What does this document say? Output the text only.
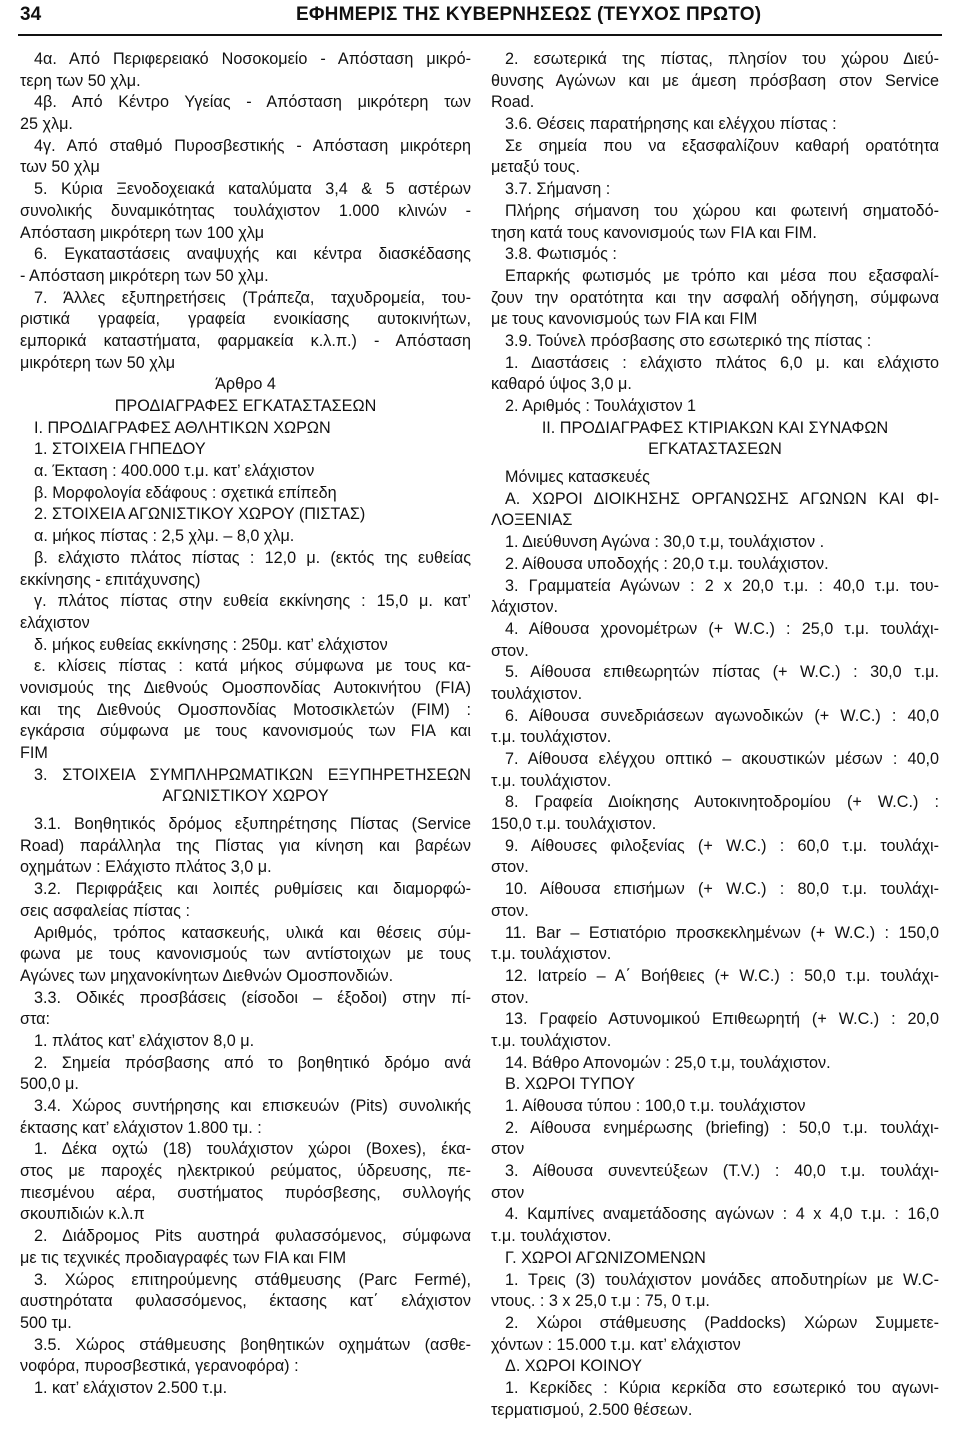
34	ΕΦΗΜΕΡΙΣ ΤΗΣ ΚΥΒΕΡΝΗΣΕΩΣ (ΤΕΥΧΟΣ ΠΡΩΤΟ)
4α. Από Περιφερειακό Νοσοκομείο - Απόσταση μικρό-
τερη των 50 χλμ.
4β. Από Κέντρο Υγείας - Απόσταση μικρότερη των
25 χλμ.
4γ. Από σταθμό Πυροσβεστικής - Απόσταση μικρότερη
των 50 χλμ
5. Κύρια Ξενοδοχειακά καταλύματα 3,4 & 5 αστέρων
συνολικής δυναμικότητας τουλάχιστον 1.000 κλινών -
Απόσταση μικρότερη των 100 χλμ
6. Εγκαταστάσεις αναψυχής και κέντρα διασκέδασης
- Απόσταση μικρότερη των 50 χλμ.
7. Άλλες εξυπηρετήσεις (Τράπεζα, ταχυδρομεία, του-
ριστικά γραφεία, γραφεία ενοικίασης αυτοκινήτων,
εμπορικά καταστήματα, φαρμακεία κ.λ.π.) - Απόσταση
μικρότερη των 50 χλμ
Άρθρο 4
ΠΡΟΔΙΑΓΡΑΦΕΣ ΕΓΚΑΤΑΣΤΑΣΕΩΝ
Ι. ΠΡΟΔΙΑΓΡΑΦΕΣ ΑΘΛΗΤΙΚΩΝ ΧΩΡΩΝ
1. ΣΤΟΙΧΕΙΑ ΓΗΠΕΔΟΥ
α. Έκταση : 400.000 τ.μ. κατ’ ελάχιστον
β. Μορφολογία εδάφους : σχετικά επίπεδη
2. ΣΤΟΙΧΕΙΑ ΑΓΩΝΙΣΤΙΚΟΥ ΧΩΡΟΥ (ΠΙΣΤΑΣ)
α. μήκος πίστας : 2,5 χλμ. – 8,0 χλμ.
β. ελάχιστο πλάτος πίστας : 12,0 μ. (εκτός της ευθείας
εκκίνησης - επιτάχυνσης)
γ. πλάτος πίστας στην ευθεία εκκίνησης : 15,0 μ. κατ’
ελάχιστον
δ. μήκος ευθείας εκκίνησης : 250μ. κατ’ ελάχιστον
ε. κλίσεις πίστας : κατά μήκος σύμφωνα με τους κα-
νονισμούς της Διεθνούς Ομοσπονδίας Αυτοκινήτου (FIA)
και της Διεθνούς Ομοσπονδίας Μοτοσικλετών (FIM) :
εγκάρσια σύμφωνα με τους κανονισμούς των FIA και
FIM
3. ΣΤΟΙΧΕΙΑ ΣΥΜΠΛΗΡΩΜΑΤΙΚΩΝ ΕΞΥΠΗΡΕΤΗΣΕΩΝ
ΑΓΩΝΙΣΤΙΚΟΥ ΧΩΡΟΥ
3.1. Βοηθητικός δρόμος εξυπηρέτησης Πίστας (Service
Road) παράλληλα της Πίστας για κίνηση και βαρέων
οχημάτων : Ελάχιστο πλάτος 3,0 μ.
3.2. Περιφράξεις και λοιπές ρυθμίσεις και διαμορφώ-
σεις ασφαλείας πίστας :
Αριθμός, τρόπος κατασκευής, υλικά και θέσεις σύμ-
φωνα με τους κανονισμούς των αντίστοιχων με τους
Αγώνες των μηχανοκίνητων Διεθνών Ομοσπονδιών.
3.3. Οδικές προσβάσεις (είσοδοι – έξοδοι) στην πί-
στα:
1. πλάτος κατ’ ελάχιστον 8,0 μ.
2. Σημεία πρόσβασης από το βοηθητικό δρόμο ανά
500,0 μ.
3.4. Χώρος συντήρησης και επισκευών (Pits) συνολικής
έκτασης κατ’ ελάχιστον 1.800 τμ. :
1. Δέκα οχτώ (18) τουλάχιστον χώροι (Boxes), έκα-
στος με παροχές ηλεκτρικού ρεύματος, ύδρευσης, πε-
πιεσμένου αέρα, συστήματος πυρόσβεσης, συλλογής
σκουπιδιών κ.λ.π
2. Διάδρομος Pits αυστηρά φυλασσόμενος, σύμφωνα
με τις τεχνικές προδιαγραφές των FIA και FIM
3. Χώρος επιτηρούμενης στάθμευσης (Parc Fermé),
αυστηρότατα φυλασσόμενος, έκτασης κατ΄ ελάχιστον
500 τμ.
3.5. Χώρος στάθμευσης βοηθητικών οχημάτων (ασθε-
νοφόρα, πυροσβεστικά, γερανοφόρα) :
1. κατ’ ελάχιστον 2.500 τ.μ.
2. εσωτερικά της πίστας, πλησίον του χώρου Διεύ-
θυνσης Αγώνων και με άμεση πρόσβαση στον Service
Road.
3.6. Θέσεις παρατήρησης και ελέγχου πίστας :
Σε σημεία που να εξασφαλίζουν καθαρή ορατότητα
μεταξύ τους.
3.7. Σήμανση :
Πλήρης σήμανση του χώρου και φωτεινή σηματοδό-
τηση κατά τους κανονισμούς των FIA και FIM.
3.8. Φωτισμός :
Επαρκής φωτισμός με τρόπο και μέσα που εξασφαλί-
ζουν την ορατότητα και την ασφαλή οδήγηση, σύμφωνα
με τους κανονισμούς των FIA και FIM
3.9. Τούνελ πρόσβασης στο εσωτερικό της πίστας :
1. Διαστάσεις : ελάχιστο πλάτος 6,0 μ. και ελάχιστο
καθαρό ύψος 3,0 μ.
2. Αριθμός : Τουλάχιστον 1
ΙΙ. ΠΡΟΔΙΑΓΡΑΦΕΣ ΚΤΙΡΙΑΚΩΝ ΚΑΙ ΣΥΝΑΦΩΝ
ΕΓΚΑΤΑΣΤΑΣΕΩΝ
Μόνιμες κατασκευές
Α. ΧΩΡΟΙ ΔΙΟΙΚΗΣΗΣ ΟΡΓΑΝΩΣΗΣ ΑΓΩΝΩΝ ΚΑΙ ΦΙ-
ΛΟΞΕΝΙΑΣ
1. Διεύθυνση Αγώνα : 30,0 τ.μ, τουλάχιστον .
2. Αίθουσα υποδοχής : 20,0 τ.μ. τουλάχιστον.
3. Γραμματεία Αγώνων : 2 x 20,0 τ.μ. : 40,0 τ.μ. του-
λάχιστον.
4. Αίθουσα χρονομέτρων (+ W.C.) : 25,0 τ.μ. τουλάχι-
στον.
5. Αίθουσα επιθεωρητών πίστας (+ W.C.) : 30,0 τ.μ.
τουλάχιστον.
6. Αίθουσα συνεδριάσεων αγωνοδικών (+ W.C.) : 40,0
τ.μ. τουλάχιστον.
7. Αίθουσα ελέγχου οπτικό – ακουστικών μέσων : 40,0
τ.μ. τουλάχιστον.
8. Γραφεία Διοίκησης Αυτοκινητοδρομίου (+ W.C.) :
150,0 τ.μ. τουλάχιστον.
9. Αίθουσες φιλοξενίας (+ W.C.) : 60,0 τ.μ. τουλάχι-
στον.
10. Αίθουσα επισήμων (+ W.C.) : 80,0 τ.μ. τουλάχι-
στον.
11. Bar – Εστιατόριο προσκεκλημένων (+ W.C.) : 150,0
τ.μ. τουλάχιστον.
12. Ιατρείο – Α΄ Βοήθειες (+ W.C.) : 50,0 τ.μ. τουλάχι-
στον.
13. Γραφείο Αστυνομικού Επιθεωρητή (+ W.C.) : 20,0
τ.μ. τουλάχιστον.
14. Βάθρο Απονομών : 25,0 τ.μ, τουλάχιστον.
Β. ΧΩΡΟΙ ΤΥΠΟΥ
1. Αίθουσα τύπου : 100,0 τ.μ. τουλάχιστον
2. Αίθουσα ενημέρωσης (briefing) : 50,0 τ.μ. τουλάχι-
στον
3. Αίθουσα συνεντεύξεων (T.V.) : 40,0 τ.μ. τουλάχι-
στον
4. Καμπίνες αναμετάδοσης αγώνων : 4 x 4,0 τ.μ. : 16,0
τ.μ. τουλάχιστον.
Γ. ΧΩΡΟΙ ΑΓΩΝΙΖΟΜΕΝΩΝ
1. Τρεις (3) τουλάχιστον μονάδες αποδυτηρίων με W.C-
ντους. : 3 x 25,0 τ.μ : 75, 0 τ.μ.
2. Χώροι στάθμευσης (Paddocks) Χώρων Συμμετε-
χόντων : 15.000 τ.μ. κατ’ ελάχιστον
Δ. ΧΩΡΟΙ ΚΟΙΝΟΥ
1. Κερκίδες : Κύρια κερκίδα στο εσωτερικό του αγωνι-
τερματισμού, 2.500 θέσεων.
